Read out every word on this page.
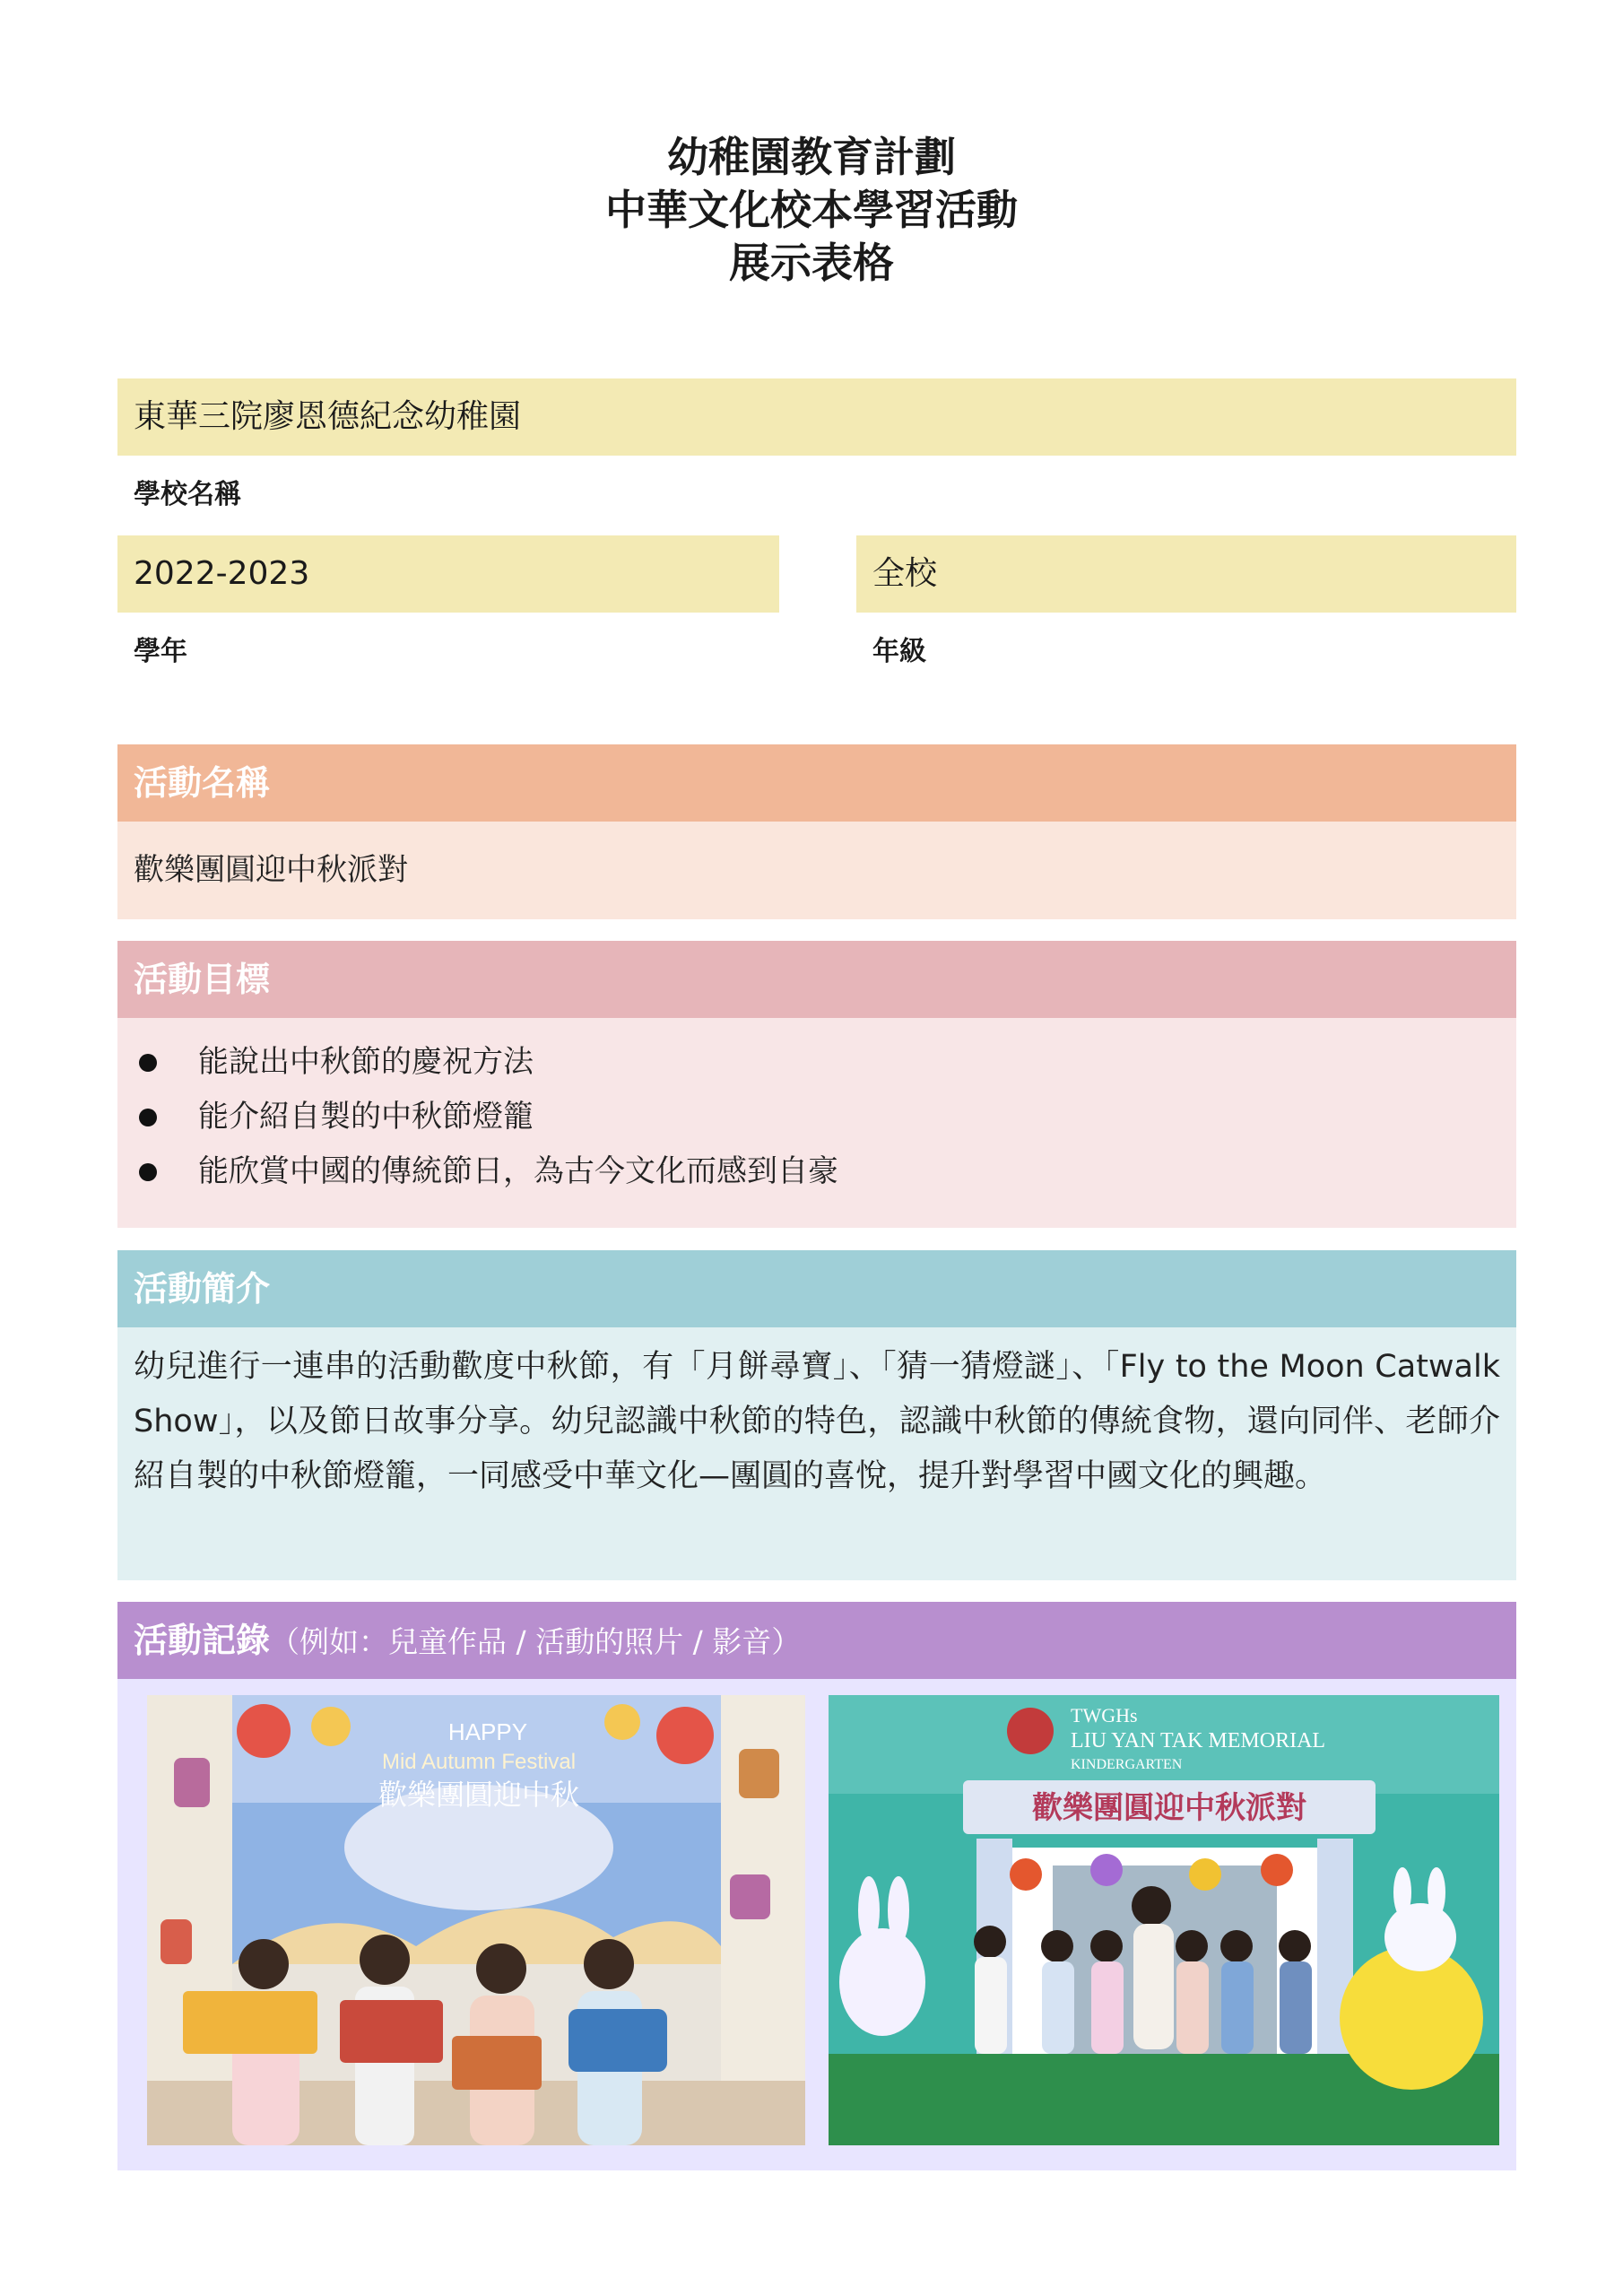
幼稚園教育計劃
中華文化校本學習活動
展示表格
東華三院廖恩德紀念幼稚園
學校名稱
2022-2023
學年
全校
年級
活動名稱
歡樂團圓迎中秋派對
活動目標
能說出中秋節的慶祝方法
能介紹自製的中秋節燈籠
能欣賞中國的傳統節日，為古今文化而感到自豪
活動簡介
幼兒進行一連串的活動歡度中秋節，有「月餅尋寶」、「猜一猜燈謎」、「Fly to the Moon Catwalk Show」，以及節日故事分享。幼兒認識中秋節的特色，認識中秋節的傳統食物，還向同伴、老師介紹自製的中秋節燈籠，一同感受中華文化—團圓的喜悅，提升對學習中國文化的興趣。
活動記錄（例如：兒童作品 / 活動的照片 / 影音）
HAPPY
Mid Autumn Festival
歡樂團圓迎中秋	歡樂團圓迎中秋派對
TWGHs
LIU YAN TAK MEMORIAL
KINDERGARTEN
